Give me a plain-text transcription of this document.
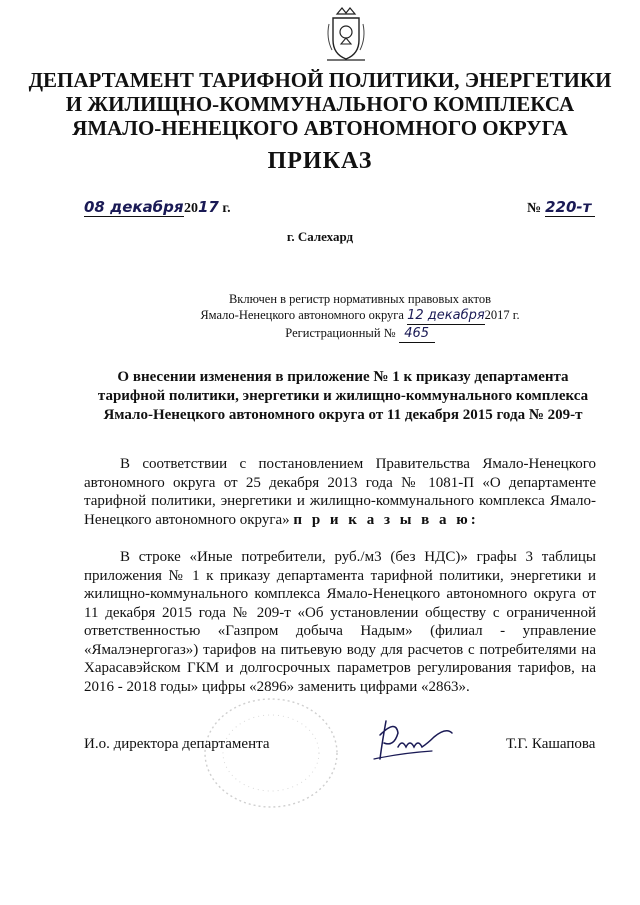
ДЕПАРТАМЕНТ ТАРИФНОЙ ПОЛИТИКИ, ЭНЕРГЕТИКИ
И ЖИЛИЩНО-КОММУНАЛЬНОГО КОМПЛЕКСА
ЯМАЛО-НЕНЕЦКОГО АВТОНОМНОГО ОКРУГА
ПРИКАЗ
08 декабря2017 г.	№ 220-т
г. Салехард
Включен в регистр нормативных правовых актов
Ямало-Ненецкого автономного округа 12 декабря2017 г.
Регистрационный № 465
О внесении изменения в приложение № 1 к приказу департамента
тарифной политики, энергетики и жилищно-коммунального комплекса
Ямало-Ненецкого автономного округа от 11 декабря 2015 года № 209-т
В соответствии с постановлением Правительства Ямало-Ненецкого автономного округа от 25 декабря 2013 года № 1081-П «О департаменте тарифной политики, энергетики и жилищно-коммунального комплекса Ямало-Ненецкого автономного округа» п р и к а з ы в а ю:
В строке «Иные потребители, руб./м3 (без НДС)» графы 3 таблицы приложения № 1 к приказу департамента тарифной политики, энергетики и жилищно-коммунального комплекса Ямало-Ненецкого автономного округа от 11 декабря 2015 года № 209-т «Об установлении обществу с ограниченной ответственностью «Газпром добыча Надым» (филиал - управление «Ямалэнергогаз») тарифов на питьевую воду для расчетов с потребителями на Харасавэйском ГКМ и долгосрочных параметров регулирования тарифов, на 2016 - 2018 годы» цифры «2896» заменить цифрами «2863».
И.о. директора департамента	Т.Г. Кашапова
